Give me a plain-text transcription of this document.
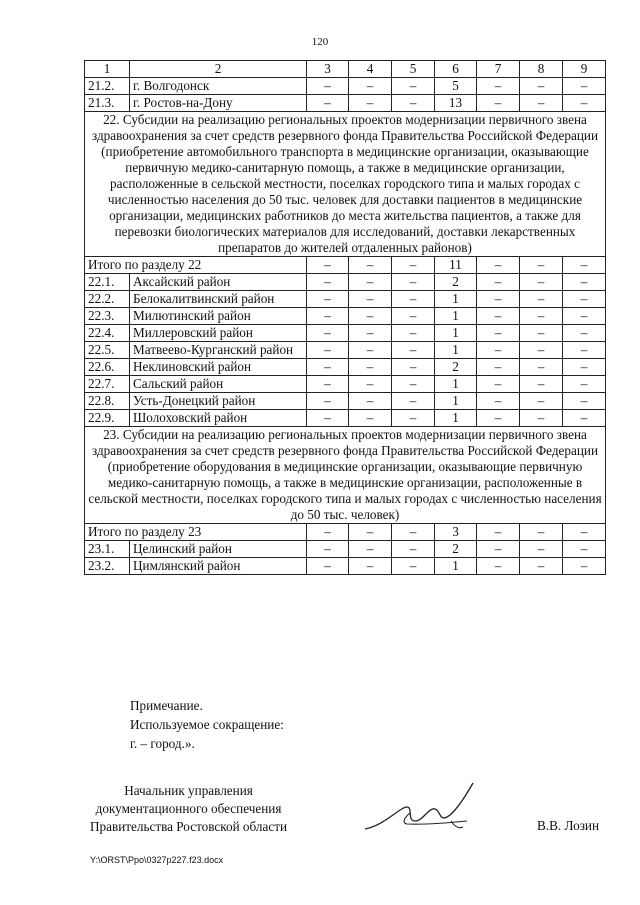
120
1	2	3	4	5	6	7	8	9
21.2.	г. Волгодонск	–	–	–	5	–	–	–
21.3.	г. Ростов-на-Дону	–	–	–	13	–	–	–
22. Субсидии на реализацию региональных проектов модернизации первичного звена здравоохранения за счет средств резервного фонда Правительства Российской Федерации (приобретение автомобильного транспорта в медицинские организации, оказывающие первичную медико-санитарную помощь, а также в медицинские организации, расположенные в сельской местности, поселках городского типа и малых городах с численностью населения до 50 тыс. человек для доставки пациентов в медицинские организации, медицинских работников до места жительства пациентов, а также для перевозки биологических материалов для исследований, доставки лекарственных препаратов до жителей отдаленных районов)								
Итого по разделу 22		–	–	–	11	–	–	–
22.1.	Аксайский район	–	–	–	2	–	–	–
22.2.	Белокалитвинский район	–	–	–	1	–	–	–
22.3.	Милютинский район	–	–	–	1	–	–	–
22.4.	Миллеровский район	–	–	–	1	–	–	–
22.5.	Матвеево-Курганский район	–	–	–	1	–	–	–
22.6.	Неклиновский район	–	–	–	2	–	–	–
22.7.	Сальский район	–	–	–	1	–	–	–
22.8.	Усть-Донецкий район	–	–	–	1	–	–	–
22.9.	Шолоховский район	–	–	–	1	–	–	–
23. Субсидии на реализацию региональных проектов модернизации первичного звена здравоохранения за счет средств резервного фонда Правительства Российской Федерации (приобретение оборудования в медицинские организации, оказывающие первичную медико-санитарную помощь, а также в медицинские организации, расположенные в сельской местности, поселках городского типа и малых городах с численностью населения до 50 тыс. человек)								
Итого по разделу 23		–	–	–	3	–	–	–
23.1.	Целинский район	–	–	–	2	–	–	–
23.2.	Цимлянский район	–	–	–	1	–	–	–
Примечание.
Используемое сокращение:
г. – город.».
Начальник управления
документационного обеспечения
Правительства Ростовской области	В.В. Лозин
Y:\ORST\Ppo\0327p227.f23.docx
